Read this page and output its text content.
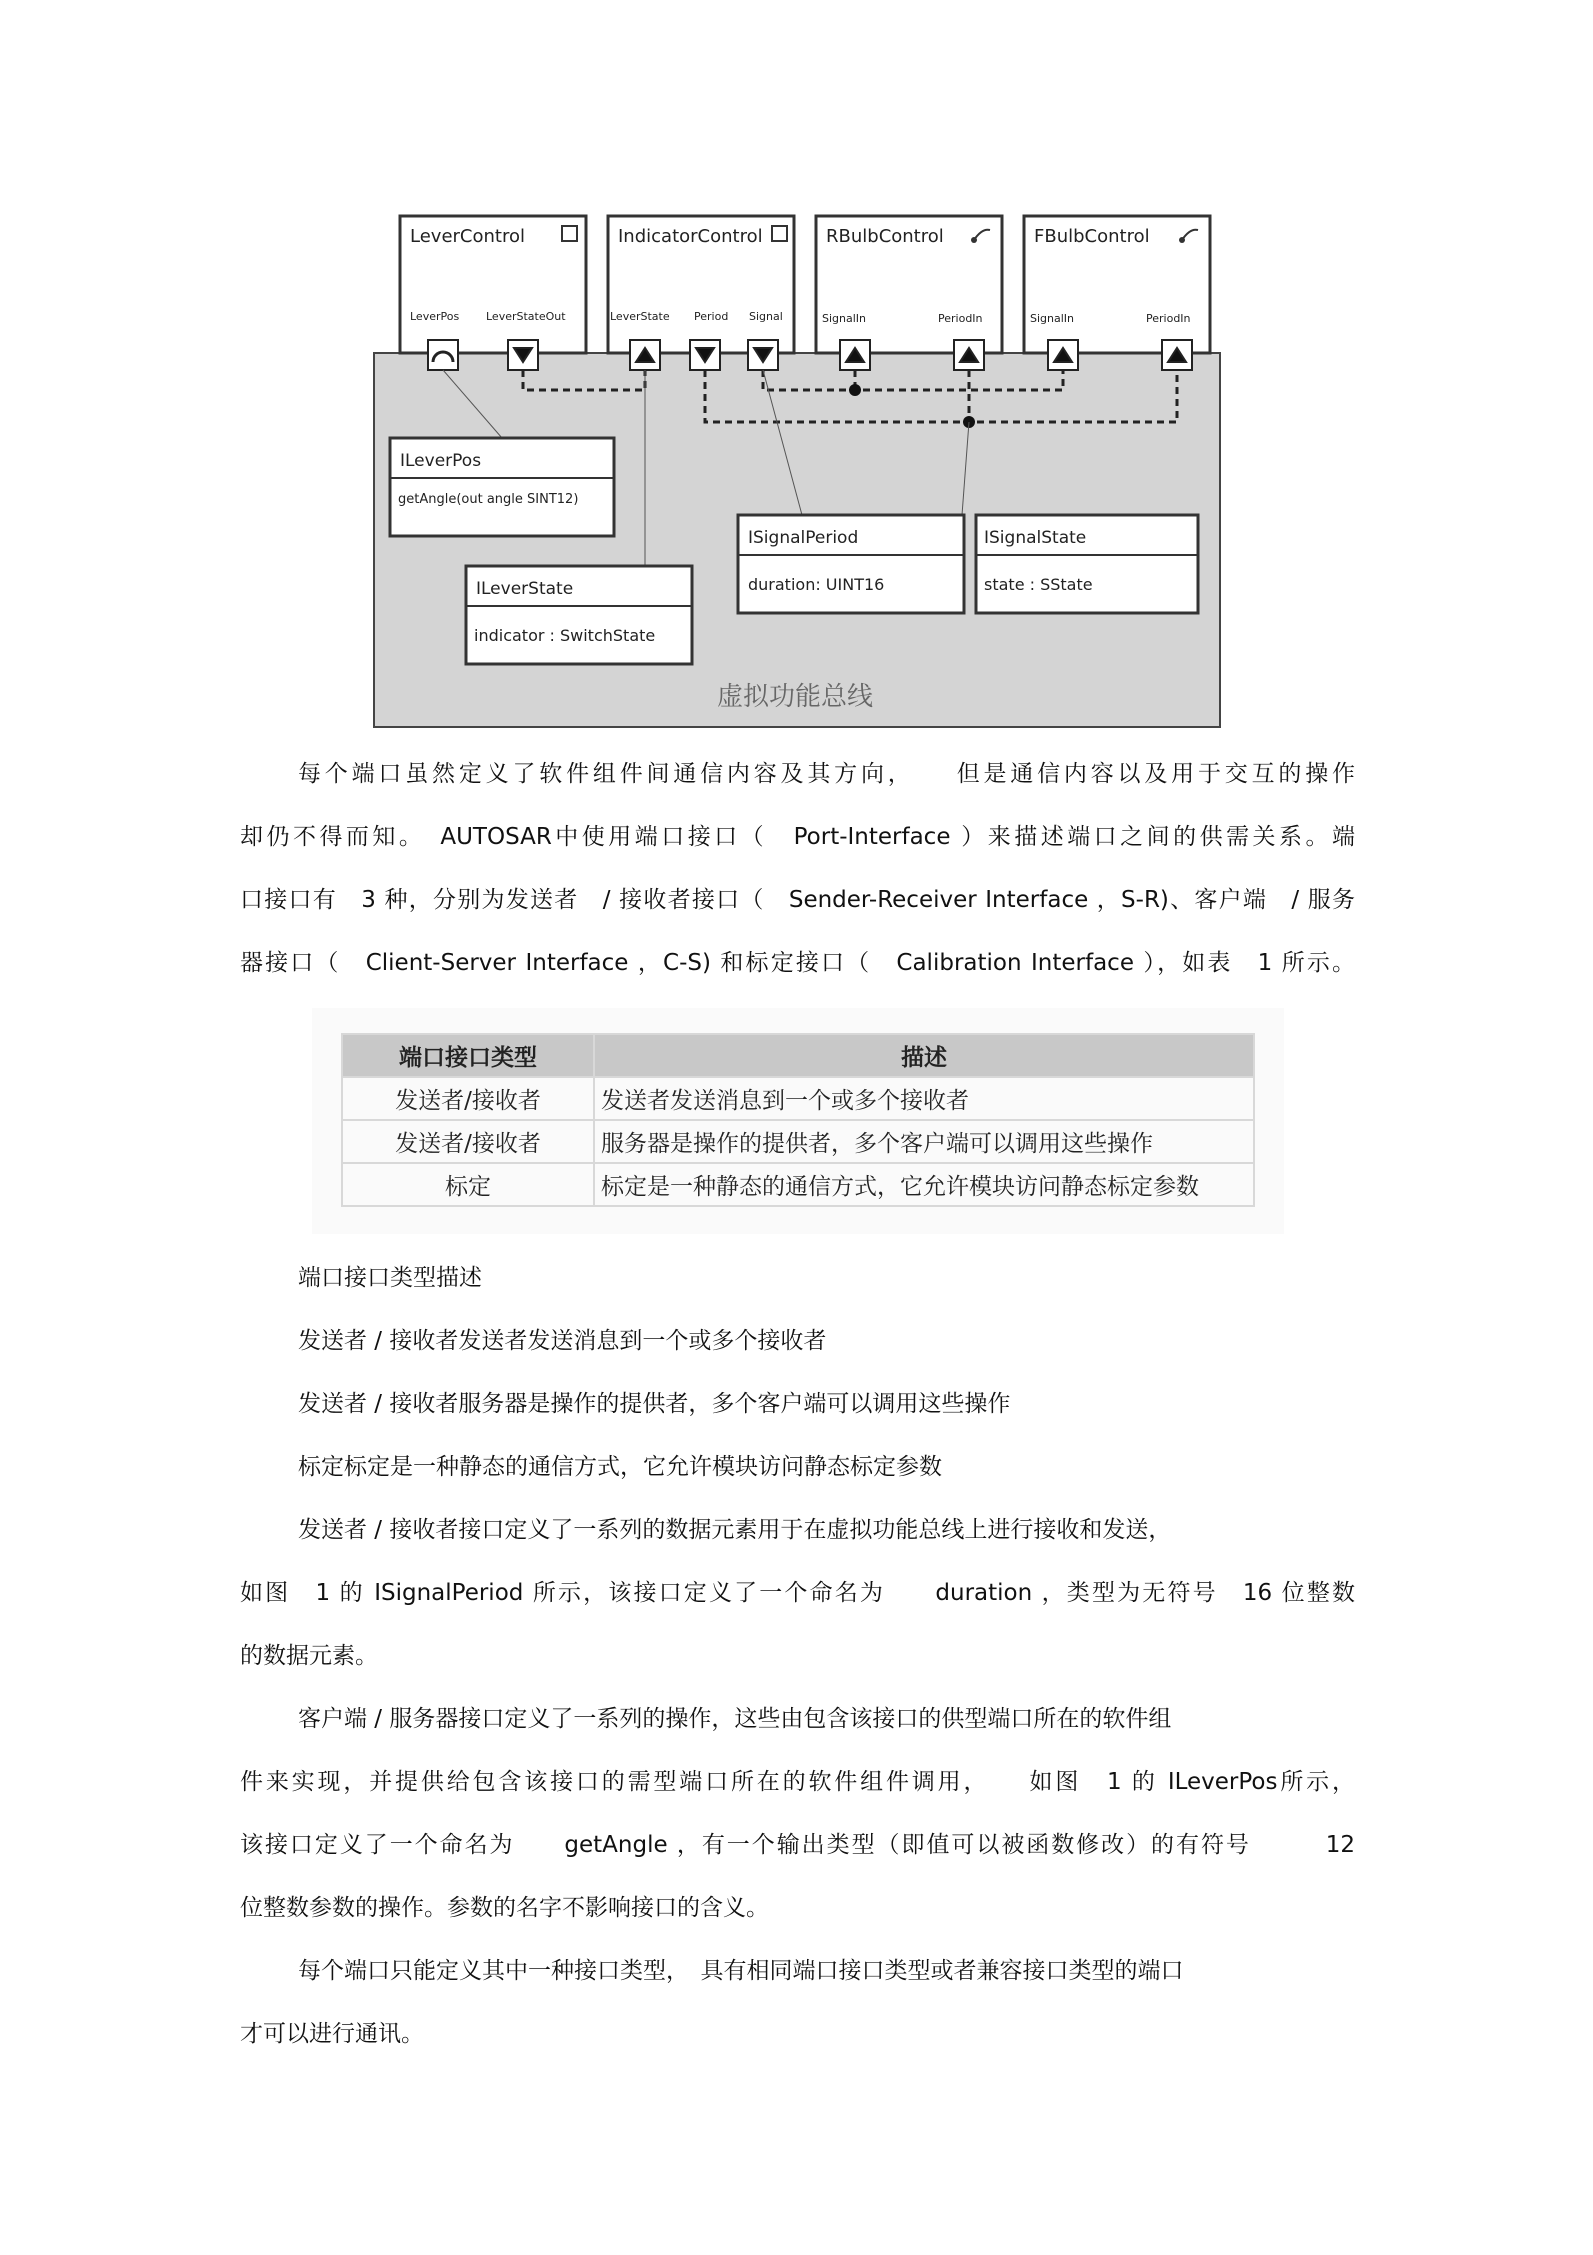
LeverControl
LeverPos LeverStateOut
IndicatorControl
LeverState Period Signal
RBulbControl
SignalIn	PeriodIn
FBulbControl
SignalIn	PeriodIn
ILeverPos
getAngle(out angle SINT12)
ILeverState
indicator : SwitchState
ISignalPeriod
duration: UINT16
ISignalState
state : SState
虚拟功能总线

每个端口虽然定义了软件组件间通信内容及其方向，　　但是通信内容以及用于交互的操作

却仍不得而知。　AUTOSAR中使用端口接口（　Port-Interface ）来描述端口之间的供需关系。端

口接口有　3 种，分别为发送者　/ 接收者接口（　Sender-Receiver Interface ，S-R)、客户端　/ 服务

器接口（　Client-Server Interface ，C-S) 和标定接口（　Calibration Interface ），如表　1 所示。

端口接口类型	描述
发送者/接收者	发送者发送消息到一个或多个接收者
发送者/接收者	服务器是操作的提供者，多个客户端可以调用这些操作
标定	标定是一种静态的通信方式，它允许模块访问静态标定参数

端口接口类型描述

发送者 / 接收者发送者发送消息到一个或多个接收者

发送者 / 接收者服务器是操作的提供者，多个客户端可以调用这些操作

标定标定是一种静态的通信方式，它允许模块访问静态标定参数

发送者 / 接收者接口定义了一系列的数据元素用于在虚拟功能总线上进行接收和发送，

如图　1 的 ISignalPeriod 所示，该接口定义了一个命名为　　duration ，类型为无符号　16 位整数

的数据元素。

客户端 / 服务器接口定义了一系列的操作，这些由包含该接口的供型端口所在的软件组

件来实现，并提供给包含该接口的需型端口所在的软件组件调用，　　如图　1 的 ILeverPos所示，

该接口定义了一个命名为　　getAngle ，有一个输出类型（即值可以被函数修改）的有符号　　　12

位整数参数的操作。参数的名字不影响接口的含义。

每个端口只能定义其中一种接口类型，　具有相同端口接口类型或者兼容接口类型的端口

才可以进行通讯。
